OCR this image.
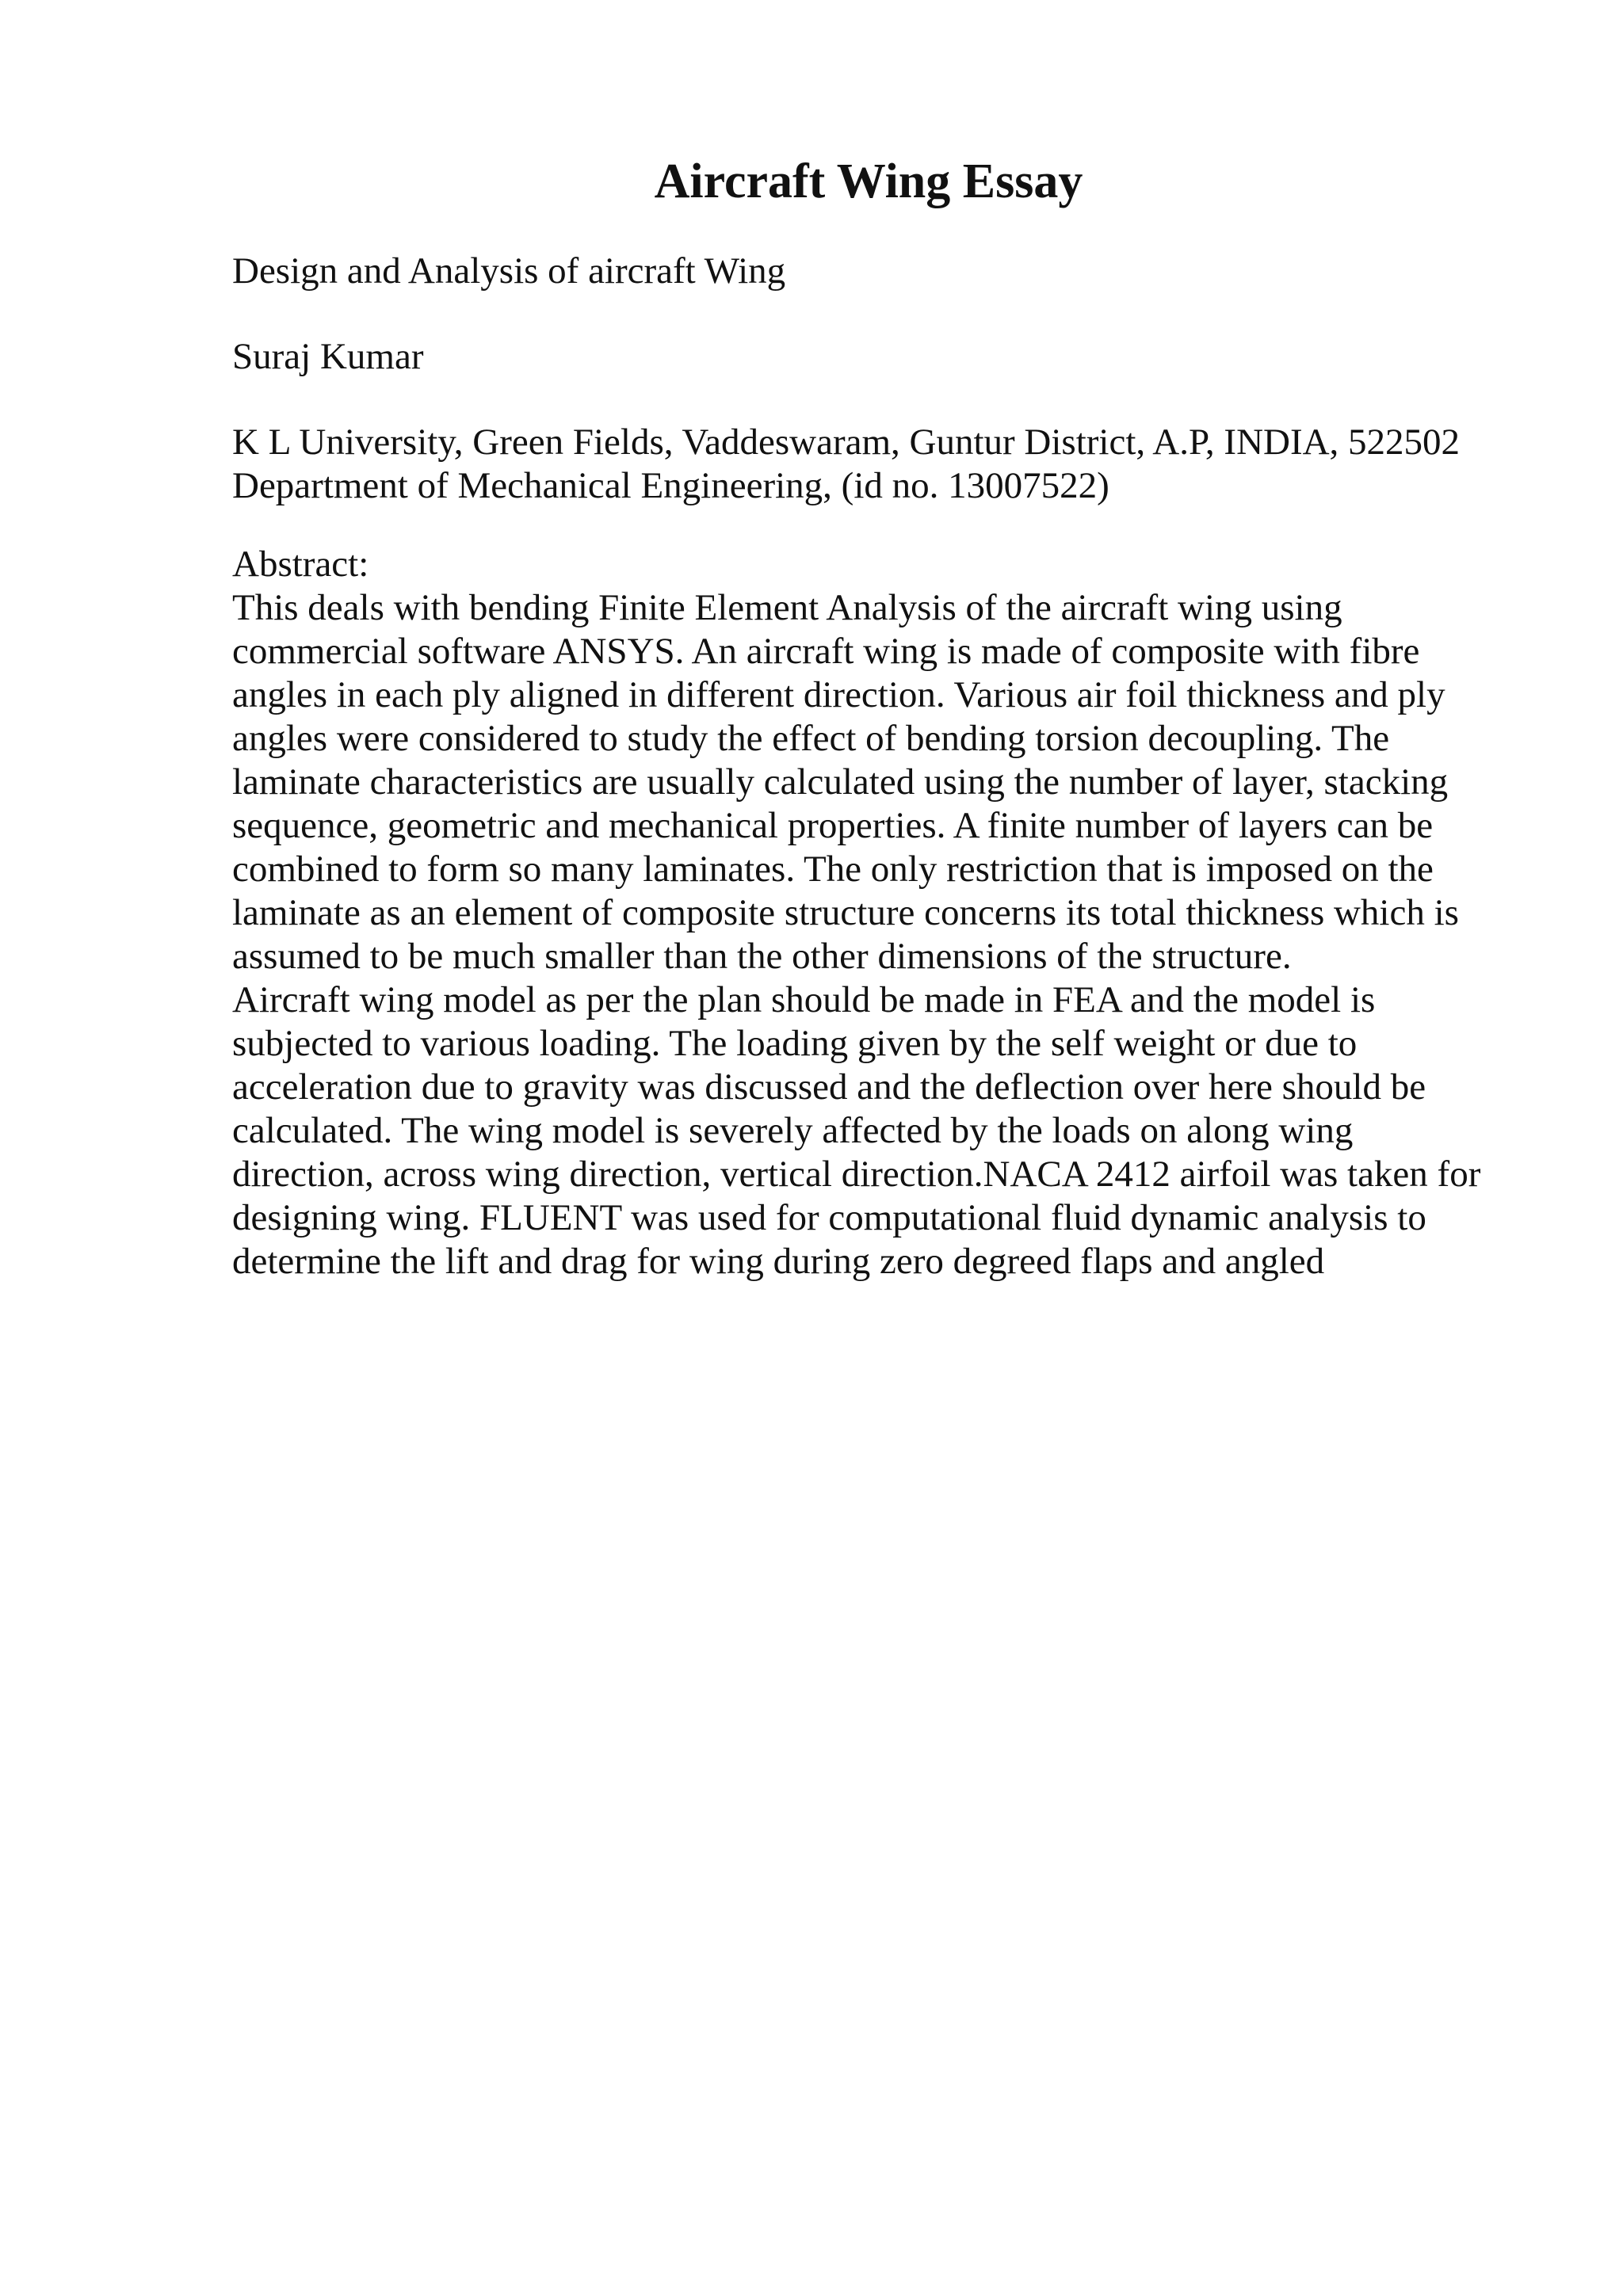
Aircraft Wing Essay
Design and Analysis of aircraft Wing
Suraj Kumar
K L University, Green Fields, Vaddeswaram, Guntur District, A.P, INDIA, 522502
Department of Mechanical Engineering, (id no. 13007522)

Abstract:

This deals with bending Finite Element Analysis of the aircraft wing using

commercial software ANSYS. An aircraft wing is made of composite with fibre

angles in each ply aligned in different direction. Various air foil thickness and ply

angles were considered to study the effect of bending torsion decoupling. The

laminate characteristics are usually calculated using the number of layer, stacking

sequence, geometric and mechanical properties. A finite number of layers can be

combined to form so many laminates. The only restriction that is imposed on the

laminate as an element of composite structure concerns its total thickness which is

assumed to be much smaller than the other dimensions of the structure.

Aircraft wing model as per the plan should be made in FEA and the model is

subjected to various loading. The loading given by the self weight or due to

acceleration due to gravity was discussed and the deflection over here should be

calculated. The wing model is severely affected by the loads on along wing

direction, across wing direction, vertical direction.NACA 2412 airfoil was taken for

designing wing. FLUENT was used for computational fluid dynamic analysis to

determine the lift and drag for wing during zero degreed flaps and angled
